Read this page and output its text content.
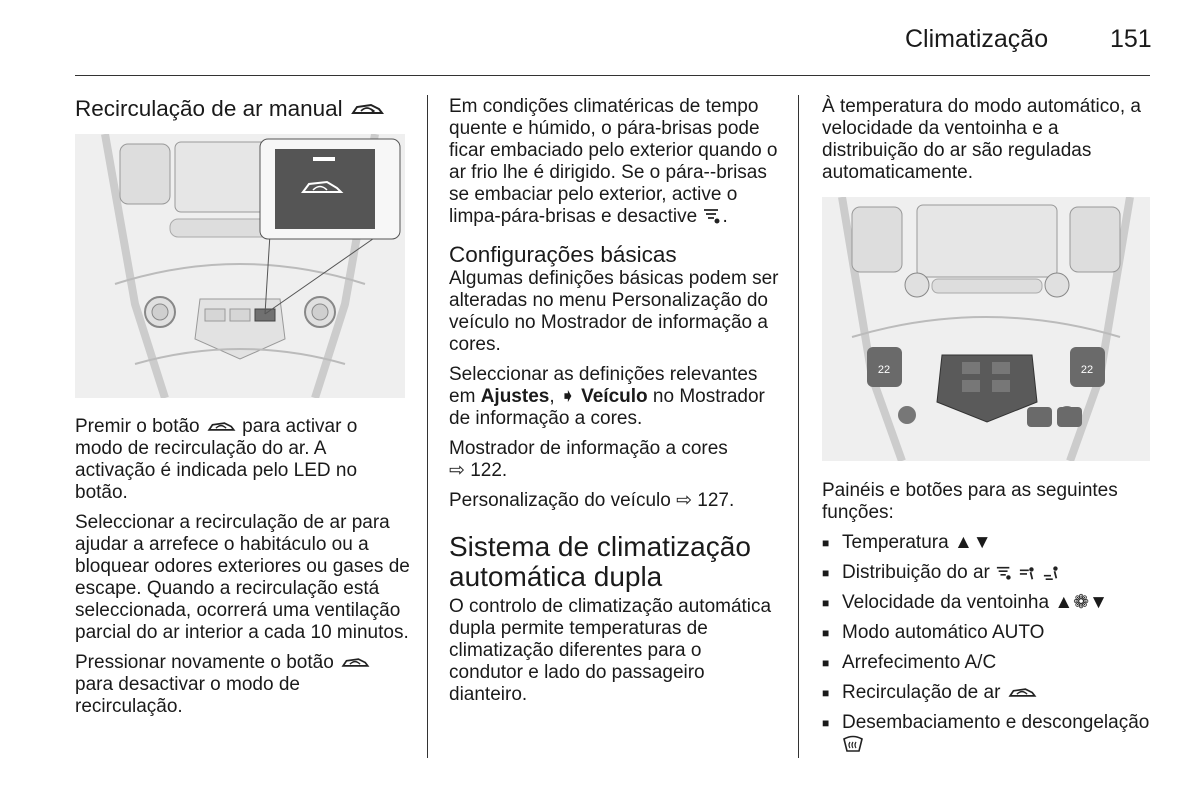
Climatização 151
Recirculação de ar manual

Premir o botão  para activar o modo de recirculação do ar. A activação é indicada pelo LED no botão.

Seleccionar a recirculação de ar para ajudar a arrefece o habitáculo ou a bloquear odores exteriores ou gases de escape. Quando a recirculação está seleccionada, ocorrerá uma ventilação parcial do ar interior a cada 10 minutos.

Pressionar novamente o botão  para desactivar o modo de recirculação.

Em condições climatéricas de tempo quente e húmido, o pára-brisas pode ficar embaciado pelo exterior quando o ar frio lhe é dirigido. Se o pára--brisas se embaciar pelo exterior, active o limpa-pára-brisas e desactive .

Configurações básicas

Algumas definições básicas podem ser alteradas no menu Personalização do veículo no Mostrador de informação a cores.

Seleccionar as definições relevantes em Ajustes, ➧ Veículo no Mostrador de informação a cores.

Mostrador de informação a cores
⇨ 122.

Personalização do veículo ⇨ 127.

Sistema de climatização automática dupla

O controlo de climatização automática dupla permite temperaturas de climatização diferentes para o condutor e lado do passageiro dianteiro.

À temperatura do modo automático, a velocidade da ventoinha e a distribuição do ar são reguladas automaticamente.

22	22

Painéis e botões para as seguintes funções:

■ Temperatura ▲▼
■ Distribuição do ar
■ Velocidade da ventoinha ▲❁▼
■ Modo automático AUTO
■ Arrefecimento A/C
■ Recirculação de ar
■ Desembaciamento e descongelação
